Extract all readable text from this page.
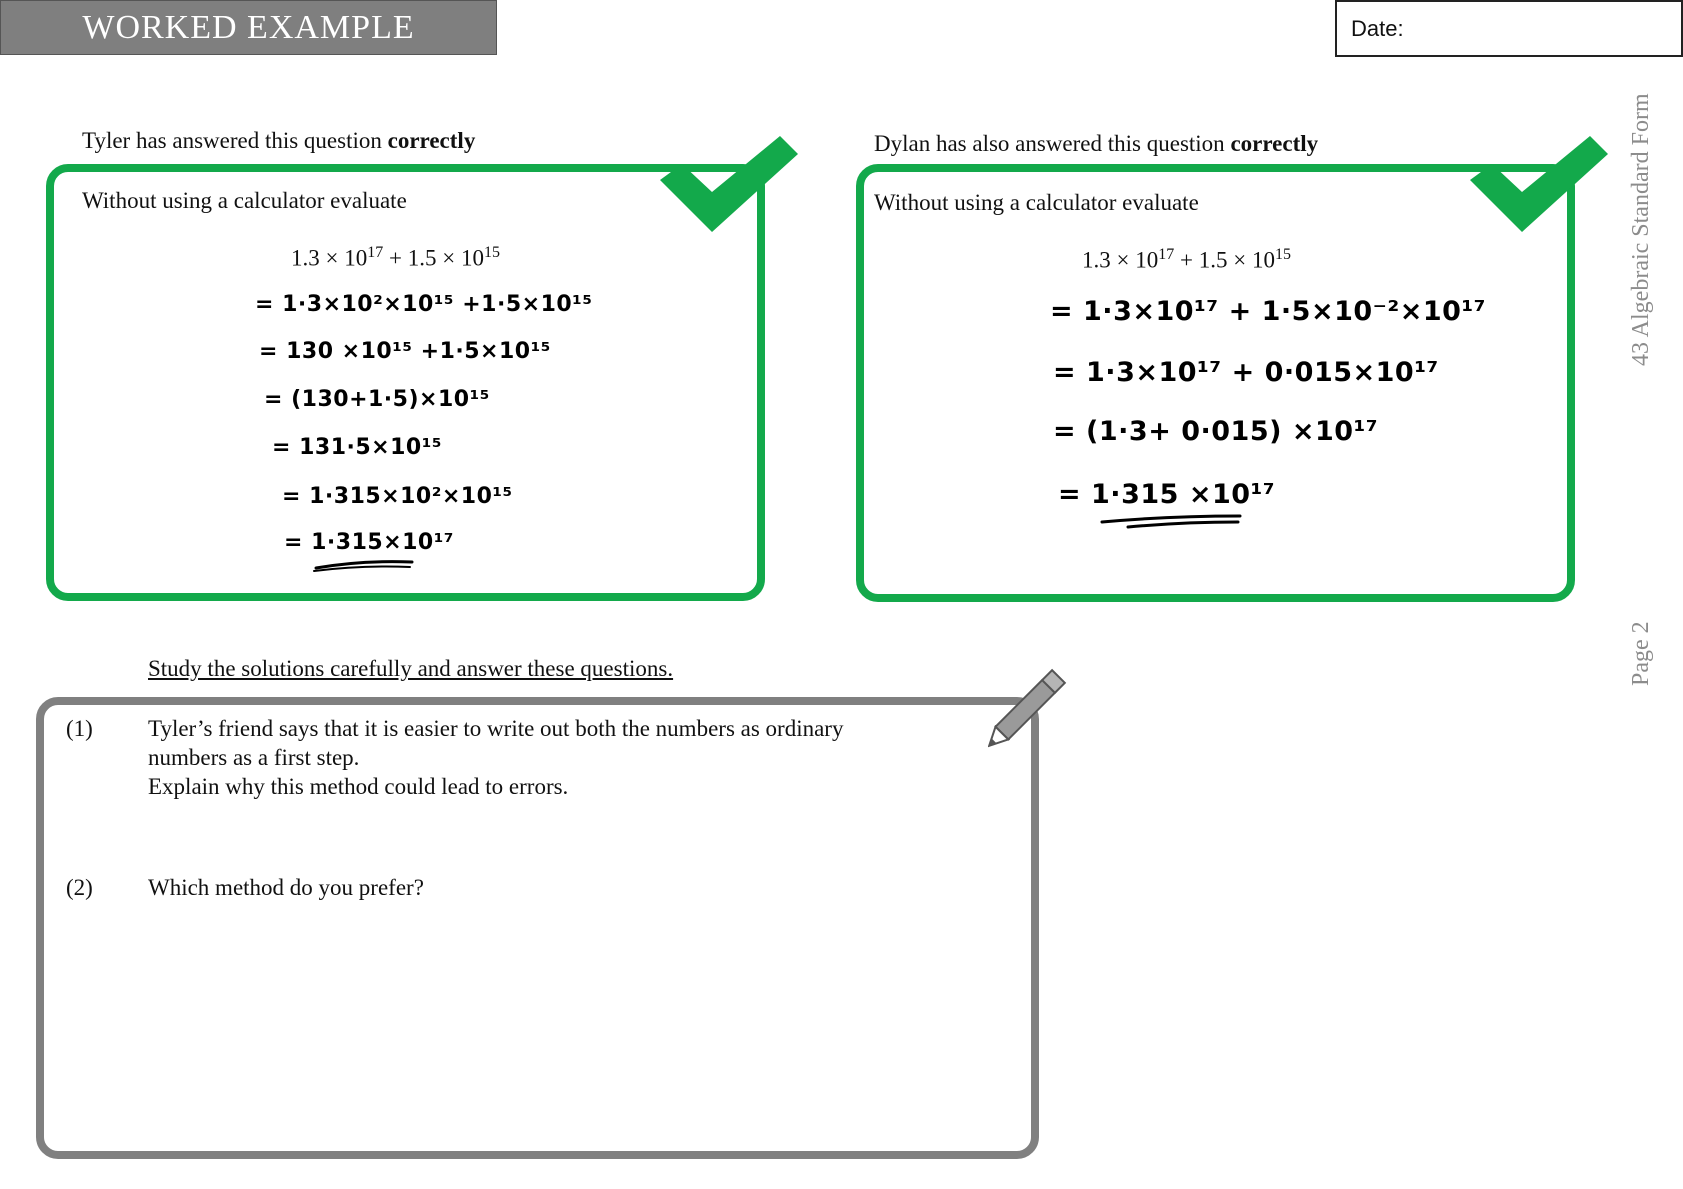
WORKED EXAMPLE	Date:
43 Algebraic Standard Form
Page 2
Tyler has answered this question correctly
Without using a calculator evaluate
$1.3 \times 10^{17} + 1.5 \times 10^{15}$
= 1·3×10²×10¹⁵ +1·5×10¹⁵
= 130 ×10¹⁵ +1·5×10¹⁵
= (130+1·5)×10¹⁵
= 131·5×10¹⁵
= 1·315×10²×10¹⁵
= 1·315×10¹⁷
Dylan has also answered this question correctly
Without using a calculator evaluate
$1.3 \times 10^{17} + 1.5 \times 10^{15}$
= 1·3×10¹⁷ + 1·5×10⁻²×10¹⁷
= 1·3×10¹⁷ + 0·015×10¹⁷
= (1·3+ 0·015) ×10¹⁷
= 1·315 ×10¹⁷
Study the solutions carefully and answer these questions.
(1) Tyler’s friend says that it is easier to write out both the numbers as ordinary
numbers as a first step.
Explain why this method could lead to errors.
(2) Which method do you prefer?
